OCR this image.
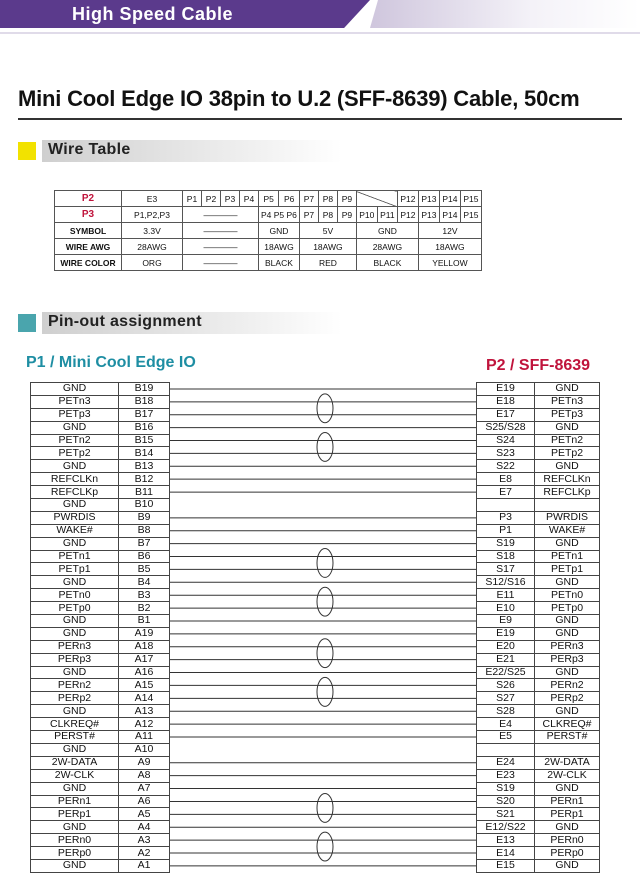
High Speed Cable
Mini Cool Edge IO 38pin to U.2 (SFF-8639) Cable, 50cm
Wire Table
P2	E3	P1	P2	P3	P4	P5	P6	P7	P8	P9			P12	P13	P14	P15
P3	P1,P2,P3	————				P4 P5 P6		P7	P8	P9	P10	P11	P12	P13	P14	P15
SYMBOL	3.3V	————				GND		5V			GND			12V		
WIRE AWG	28AWG	————				18AWG		18AWG			28AWG			18AWG		
WIRE COLOR	ORG	————				BLACK		RED			BLACK			YELLOW		
Pin-out assignment
P1 / Mini Cool Edge IO	P2 / SFF-8639
GND	B19
PETn3	B18
PETp3	B17
GND	B16
PETn2	B15
PETp2	B14
GND	B13
REFCLKn	B12
REFCLKp	B11
GND	B10
PWRDIS	B9
WAKE#	B8
GND	B7
PETn1	B6
PETp1	B5
GND	B4
PETn0	B3
PETp0	B2
GND	B1
GND	A19
PERn3	A18
PERp3	A17
GND	A16
PERn2	A15
PERp2	A14
GND	A13
CLKREQ#	A12
PERST#	A11
GND	A10
2W-DATA	A9
2W-CLK	A8
GND	A7
PERn1	A6
PERp1	A5
GND	A4
PERn0	A3
PERp0	A2
GND	A1
E19	GND
E18	PETn3
E17	PETp3
S25/S28	GND
S24	PETn2
S23	PETp2
S22	GND
E8	REFCLKn
E7	REFCLKp

P3	PWRDIS
P1	WAKE#
S19	GND
S18	PETn1
S17	PETp1
S12/S16	GND
E11	PETn0
E10	PETp0
E9	GND
E19	GND
E20	PERn3
E21	PERp3
E22/S25	GND
S26	PERn2
S27	PERp2
S28	GND
E4	CLKREQ#
E5	PERST#

E24	2W-DATA
E23	2W-CLK
S19	GND
S20	PERn1
S21	PERp1
E12/S22	GND
E13	PERn0
E14	PERp0
E15	GND
